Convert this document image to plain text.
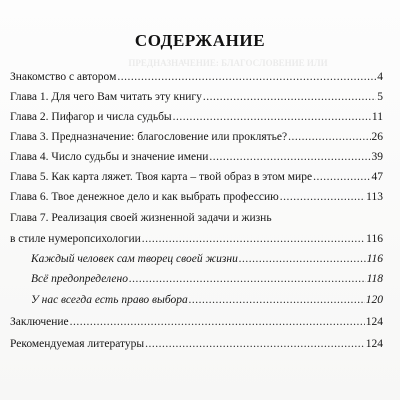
СОДЕРЖАНИЕ
ПРЕДНАЗНАЧЕНИЕ: БЛАГОСЛОВЕНИЕ ИЛИ
Знакомство с автором .....	4
Глава 1. Для чего Вам читать эту книгу .....	5
Глава 2. Пифагор и числа судьбы .....	11
Глава 3. Предназначение: благословение или проклятье? .....	26
Глава 4. Число судьбы и значение имени .....	39
Глава 5. Как карта ляжет. Твоя карта – твой образ в этом мире .....	47
Глава 6. Твое денежное дело и как выбрать профессию .....	113
Глава 7. Реализация своей жизненной задачи и жизнь
в стиле нумеропсихологии .....	116
Каждый человек сам творец своей жизни .....	116
Всё предопределено .....	118
У нас всегда есть право выбора .....	120
Заключение .....	124
Рекомендуемая литературы .....	124
